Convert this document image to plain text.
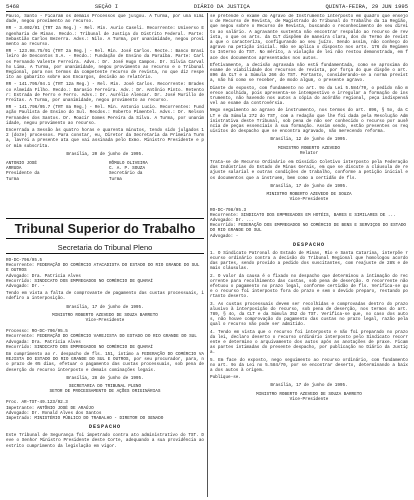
5468	SEÇÃO I	DIÁRIO DA JUSTIÇA	QUINTA-FEIRA, 29 JUN 1995

Paulo, Santo - Ficaram os demais Processos que julgou. A Turma, por una nimidade, negou provimento ao recurso.

RR - 3.002/91 (TRT 2a Reg.) - Rel. Min. Aurio Caseli. Recorrente: Universo Engenharia de Minas. Recdo.: Tribunal de Justiça do Distrito Federal. Parte: Sebastião Carlos Bezerra. Advs.: Nilo. A Turma, por unanimidade, negou provimento ao recurso.

RR - 123.98.75/91 (TRT 2a Reg.) - Rel. Min. José Carlos. Recte.: Banco Brasileiro de Descontos S.A. - Recdo.: Fundação de Ensino da Paraíba. Parte: Carlos Fernando Valente Ferreira. Advs.: Dr. José Hugo Campos. Dr. Silvia Carvalho Lima. A Turma, por unanimidade, negou provimento ao recurso e o Tribunal Regional, para nos termos da competente recurso de revista, no que diz respeito ao gabarito sobre aos Encargos, decisão ao relatório.

RR - 141.795/94.1 (TRT 12a Reg.) - Rel. Min. José Carlos. Recorrente: Bradesco Almeida Filho. Recdo.: Barasio Ferreira. Adv.: Dr. Antônio Pinto. Retentor: Estrada de Ferro e Ferro. Advs.: Dr. Aurélio Alencar. Dr. José Murillo de Freitas. A Turma, por unanimidade, negou provimento ao recurso.

RR - 141.796/95.7 (TRT 8a Reg.) - Rel. Min. Antonio Lucio. Recorrentes: Fundação Paulista de Ensino do Sul. Recdos.: Roberto Pimentel. Advs.: Dr. Nelson Fernandes dos Santos. Dr. Moacir Gomes Pereira da Silva. A Turma, por unanimidade, negou provimento ao recurso.

Encerrada a Sessão às quatro horas e quarenta minutos, tendo sido julgados 12 (doze) processos. Para constar, eu, Diretor da Secretaria da Primeira Turma, lavrei a presente ata que vai assinada pelo Exmo. Ministro Presidente e por mim subscrita.

Brasília, 20 de junho de 1995.
ANTONIO JOSÉ ARRUDA
Presidente da Turma
RÔMULO OLIVEIRA C. A. P. SOUZA
Secretário da Turma
Tribunal Superior do Trabalho
Secretaria do Tribunal Pleno
RO-DC-796/95.5
Recorrente: FEDERAÇÃO DO COMÉRCIO ATACADISTA DO ESTADO DO RIO GRANDE DO SUL E OUTROS
Advogado: Dra. Patrícia Alves
Recorrido: SINDICATO DOS EMPREGADOS NO COMÉRCIO DE QUARAÍ
Advogado: Dr. -

Tendo em vista a falta de comprovante de pagamento das custas processuais, indefiro a interposição.

Brasília, 17 de junho de 1995.
MINISTRO ROBERTO AZEVEDO DE SOUZA BARRETO
Vice-Presidente
Processo: RO-DC-796/95.5
Recorrente: FEDERAÇÃO DO COMÉRCIO VAREJISTA DO ESTADO DO RIO GRANDE DO SUL
Advogada: Dra. Patrícia Alves
Recorrido: SINDICATO DOS EMPREGADOS NO COMÉRCIO DE QUARAÍ

Em cumprimento ao r. despacho de fls. 151, intimo a FEDERAÇÃO DO COMÉRCIO VAREJISTA DO ESTADO DO RIO GRANDE DO SUL E OUTROS, por seu procurador, para, no prazo de 05 dias, efetuar o pagamento das custas processuais, sob pena de deserção do recurso interposto e demais cominações legais.

Brasília, 28 de junho de 1995.
SECRETARIA DO TRIBUNAL PLENO
SETOR DE PROCESSAMENTO DE AÇÕES ORIGINÁRIAS
Proc. AR-TST-49.123/92.3
Impetrante: ANTÔNIO JOSÉ DE ARAÚJO
Advogado: Dr. Ronald Alves dos Santos
Impetrado: MINISTÉRIO PÚBLICO DO TRABALHO - DIRETOR DO SENADO
DESPACHO

Este Tribunal de Segurança foi impetrado contra ato administrativo do TST. Deve o Senhor Ministro Presidente deste Corte, adequando a sua providência ao estrito cumprimento da legislação em vigor.

se pretende o exame do Agravo de Instrumento interposto em quadro que ensejou de Recurso de Revista, de Magistrado do Tribunal do Trabalho da 1a Região, que negou sobre o Recurso de Revista, buscando o reconhecimento de seu direito ao salário. A agravante sustenta não encontrar respaldo ao recurso de revista, o que os arts. da CLT dispõem de maneira clara, dos do Termo de revista que o caracteriza, configurando ao seu juízo. Sendo assim, não conheço do agravo na petição inicial. Não se aplica o disposto nos arts. 176 do Regimento Interno do TST. No mérito, a violação de lei não restou demonstrada, em face dos documentos apresentados nos autos.

Efetivamente, a decisão agravada não está fundamentada, como se aproxima do exame de viabilidade dos recursos de revista, por força do que dispõe o art. 896 da CLT e a Súmula 266 do TST. Portanto, considerando-se a norma prevista, não há como se receber, de modo algum, o presente agravo.

Diante do exposto, com fundamento no art. 9o da Lei 5.584/70, o pedido não merece acolhida, pois apresenta-se intempestivo e irregular a formação do instrumento, não havendo nos autos a cópia do acórdão regional, peça indispensável ao exame da controvérsia.

Nego seguimento ao agravo de instrumento, nos termos do art. 896, § 5o, da CLT e da Súmula 272 do TST, com a redação que lhe foi dada pela Resolução Administrativa deste Tribunal, sob pena de não ser conhecido o recurso por ausência de peças essenciais à sua formação. Assim sendo, estão presentes os requisitos do despacho que se encontra agravado, não merecendo reforma.

Brasília, 12 de junho de 1995.
MINISTRO ROBERTO AZEVEDO
Relator

Trata-se de Recurso Ordinário em Dissídio Coletivo interposto pela Federação das Indústrias do Estado de Minas Gerais, em que se discute a cláusula de reajuste salarial e outras condições de trabalho, conforme a petição inicial e os documentos que a instruem, bem como a certidão de fls.

Brasília, 17 de junho de 1995.
MINISTRO ROBERTO AZEVEDO DE SOUZA
Vice-Presidente
RO-DC-798/95.3
Recorrente: SINDICATO DOS EMPREGADOS EM HOTÉIS, BARES E SIMILARES DE ...
Advogado: Dr. ...
Recorrido: FEDERAÇÃO DOS EMPREGADOS NO COMÉRCIO DE BENS E SERVIÇOS DO ESTADO DO RIO GRANDE DO SUL
Advogado: -
DESPACHO

1. O Sindicato Patronal do Estado de Minas, Rio e Santa Catarina, interpõe recurso ordinário contra a decisão do Tribunal Regional que homologou acordo das partes, sendo provido a pedido dos suscitantes, com reajuste de 28% e demais cláusulas.

2. O valor da causa é o fixado no despacho que determinou a intimação do recorrente para recolhimento das custas, sob pena de deserção. O recorrente não efetuou o pagamento no prazo legal, conforme certidão de fls. Verifica-se que o recurso foi interposto fora do prazo e sem o devido preparo, restando portanto deserto.

3. As custas processuais devem ser recolhidas e comprovadas dentro do prazo alusivo à interposição do recurso, sob pena de deserção, nos termos do art. 789, § 4o, da CLT e da Súmula 352 do TST. Verifica-se que, no caso dos autos, não houve comprovação do pagamento das custas no prazo legal, razão pela qual o recurso não pode ser admitido.

4. Tendo em vista que o recurso foi interposto e não foi preparado no prazo da lei, declaro deserto o recurso ordinário interposto pelo Sindicato recorrente e determino o arquivamento dos autos após as anotações de praxe. Ficam as partes intimadas do presente despacho, por publicação no Diário da Justiça.

5. Em face do exposto, nego seguimento ao recurso ordinário, com fundamento no art. 9o da Lei no 5.584/70, por se encontrar deserto, determinando a baixa dos autos à origem.

Publique-se.

Brasília, 17 de junho de 1995.
MINISTRO ROBERTO AZEVEDO DE SOUZA BARRETO
Vice-Presidente
